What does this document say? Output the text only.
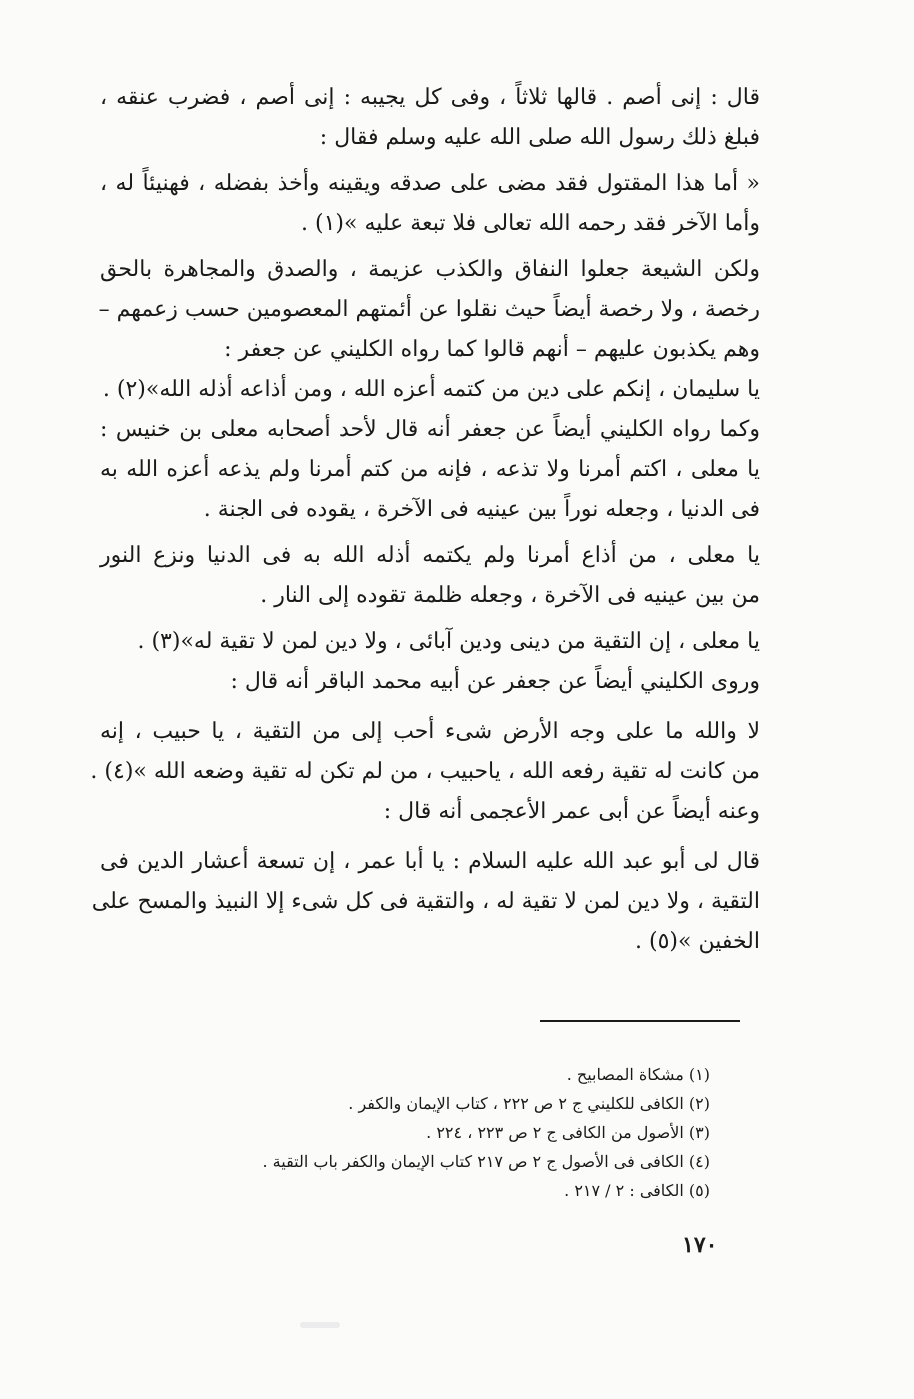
قال : إنى أصم . قالها ثلاثاً ، وفى كل يجيبه : إنى أصم ، فضرب عنقه ،
فبلغ ذلك رسول الله صلى الله عليه وسلم فقال :
« أما هذا المقتول فقد مضى على صدقه ويقينه وأخذ بفضله ، فهنيئاً له ،
وأما الآخر فقد رحمه الله تعالى فلا تبعة عليه »(١) .
ولكن الشيعة جعلوا النفاق والكذب عزيمة ، والصدق والمجاهرة بالحق
رخصة ، ولا رخصة أيضاً حيث نقلوا عن أئمتهم المعصومين حسب زعمهم –
وهم يكذبون عليهم – أنهم قالوا كما رواه الكليني عن جعفر :
يا سليمان ، إنكم على دين من كتمه أعزه الله ، ومن أذاعه أذله الله»(٢) .
وكما رواه الكليني أيضاً عن جعفر أنه قال لأحد أصحابه معلى بن خنيس :
يا معلى ، اكتم أمرنا ولا تذعه ، فإنه من كتم أمرنا ولم يذعه أعزه الله به
فى الدنيا ، وجعله نوراً بين عينيه فى الآخرة ، يقوده فى الجنة .
يا معلى ، من أذاع أمرنا ولم يكتمه أذله الله به فى الدنيا ونزع النور
من بين عينيه فى الآخرة ، وجعله ظلمة تقوده إلى النار .
يا معلى ، إن التقية من دينى ودين آبائى ، ولا دين لمن لا تقية له»(٣) .
وروى الكليني أيضاً عن جعفر عن أبيه محمد الباقر أنه قال :
لا والله ما على وجه الأرض شىء أحب إلى من التقية ، يا حبيب ، إنه
من كانت له تقية رفعه الله ، ياحبيب ، من لم تكن له تقية وضعه الله »(٤) .
وعنه أيضاً عن أبى عمر الأعجمى أنه قال :
قال لى أبو عبد الله عليه السلام : يا أبا عمر ، إن تسعة أعشار الدين فى
التقية ، ولا دين لمن لا تقية له ، والتقية فى كل شىء إلا النبيذ والمسح على
الخفين »(٥) .
(١) مشكاة المصابيح .
(٢) الكافى للكليني ج ٢ ص ٢٢٢ ، كتاب الإيمان والكفر .
(٣) الأصول من الكافى ج ٢ ص ٢٢٣ ، ٢٢٤ .
(٤) الكافى فى الأصول ج ٢ ص ٢١٧ كتاب الإيمان والكفر باب التقية .
(٥) الكافى : ٢ / ٢١٧ .
١٧٠
